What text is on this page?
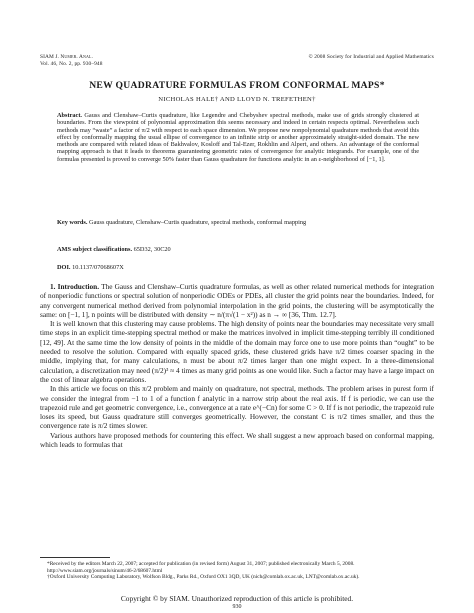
SIAM J. Numer. Anal.
Vol. 46, No. 2, pp. 930–948
© 2008 Society for Industrial and Applied Mathematics
NEW QUADRATURE FORMULAS FROM CONFORMAL MAPS*
NICHOLAS HALE† AND LLOYD N. TREFETHEN†
Abstract. Gauss and Clenshaw–Curtis quadrature, like Legendre and Chebyshev spectral methods, make use of grids strongly clustered at boundaries. From the viewpoint of polynomial approximation this seems necessary and indeed in certain respects optimal. Nevertheless such methods may “waste” a factor of π/2 with respect to each space dimension. We propose new nonpolynomial quadrature methods that avoid this effect by conformally mapping the usual ellipse of convergence to an infinite strip or another approximately straight-sided domain. The new methods are compared with related ideas of Bakhvalov, Kosloff and Tal-Ezer, Rokhlin and Alpert, and others. An advantage of the conformal mapping approach is that it leads to theorems guaranteeing geometric rates of convergence for analytic integrands. For example, one of the formulas presented is proved to converge 50% faster than Gauss quadrature for functions analytic in an ε-neighborhood of [−1, 1].
Key words. Gauss quadrature, Clenshaw–Curtis quadrature, spectral methods, conformal mapping
AMS subject classifications. 65D32, 30C20
DOI. 10.1137/07068607X

1. Introduction. The Gauss and Clenshaw–Curtis quadrature formulas, as well as other related numerical methods for integration of nonperiodic functions or spectral solution of nonperiodic ODEs or PDEs, all cluster the grid points near the boundaries. Indeed, for any convergent numerical method derived from polynomial interpolation in the grid points, the clustering will be asymptotically the same: on [−1, 1], n points will be distributed with density ∼ n/(π√(1 − x²)) as n → ∞ [36, Thm. 12.7].

It is well known that this clustering may cause problems. The high density of points near the boundaries may necessitate very small time steps in an explicit time-stepping spectral method or make the matrices involved in implicit time-stepping terribly ill conditioned [12, 49]. At the same time the low density of points in the middle of the domain may force one to use more points than “ought” to be needed to resolve the solution. Compared with equally spaced grids, these clustered grids have π/2 times coarser spacing in the middle, implying that, for many calculations, n must be about π/2 times larger than one might expect. In a three-dimensional calculation, a discretization may need (π/2)³ ≈ 4 times as many grid points as one would like. Such a factor may have a large impact on the cost of linear algebra operations.

In this article we focus on this π/2 problem and mainly on quadrature, not spectral, methods. The problem arises in purest form if we consider the integral from −1 to 1 of a function f analytic in a narrow strip about the real axis. If f is periodic, we can use the trapezoid rule and get geometric convergence, i.e., convergence at a rate e^(−Cn) for some C > 0. If f is not periodic, the trapezoid rule loses its speed, but Gauss quadrature still converges geometrically. However, the constant C is π/2 times smaller, and thus the convergence rate is π/2 times slower.

Various authors have proposed methods for countering this effect. We shall suggest a new approach based on conformal mapping, which leads to formulas that

*Received by the editors March 22, 2007; accepted for publication (in revised form) August 31, 2007; published electronically March 5, 2008.

http://www.siam.org/journals/sinum/46-2/68607.html

†Oxford University Computing Laboratory, Wolfson Bldg., Parks Rd., Oxford OX1 3QD, UK (nich@comlab.ox.ac.uk, LNT@comlab.ox.ac.uk).

Copyright © by SIAM. Unauthorized reproduction of this article is prohibited.
930
